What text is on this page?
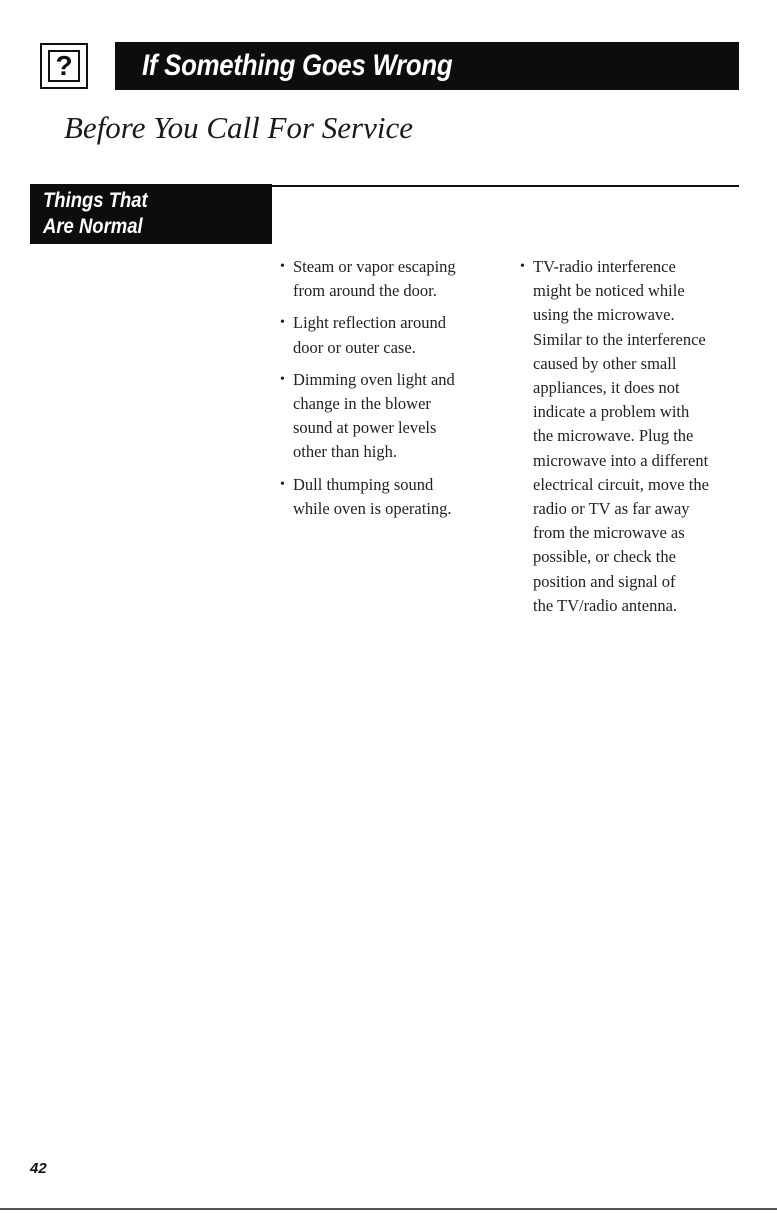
? If Something Goes Wrong
Before You Call For Service
Things That
Are Normal
• Steam or vapor escaping
from around the door.
• Light reflection around
door or outer case.
• Dimming oven light and
change in the blower
sound at power levels
other than high.
• Dull thumping sound
while oven is operating.
• TV-radio interference
might be noticed while
using the microwave.
Similar to the interference
caused by other small
appliances, it does not
indicate a problem with
the microwave. Plug the
microwave into a different
electrical circuit, move the
radio or TV as far away
from the microwave as
possible, or check the
position and signal of
the TV/radio antenna.
42
